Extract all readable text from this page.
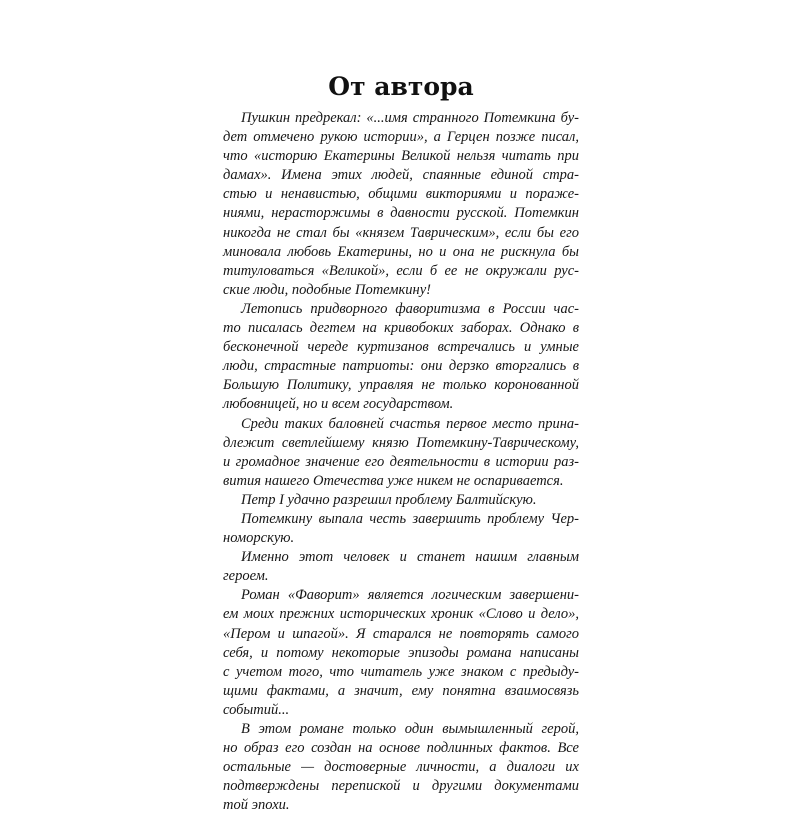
От автора

Пушкин предрекал: «...имя странного Потемкина бу-
дет отмечено рукою истории», а Герцен позже писал,
что «историю Екатерины Великой нельзя читать при
дамах». Имена этих людей, спаянные единой стра-
стью и ненавистью, общими викториями и пораже-
ниями, нерасторжимы в давности русской. Потемкин
никогда не стал бы «князем Таврическим», если бы его
миновала любовь Екатерины, но и она не рискнула бы
титуловаться «Великой», если б ее не окружали рус-
ские люди, подобные Потемкину!

Летопись придворного фаворитизма в России час-
то писалась дегтем на кривобоких заборах. Однако в
бесконечной череде куртизанов встречались и умные
люди, страстные патриоты: они дерзко вторгались в
Большую Политику, управляя не только коронованной
любовницей, но и всем государством.

Среди таких баловней счастья первое место прина-
длежит светлейшему князю Потемкину-Таврическому,
и громадное значение его деятельности в истории раз-
вития нашего Отечества уже никем не оспаривается.

Петр I удачно разрешил проблему Балтийскую.

Потемкину выпала честь завершить проблему Чер-
номорскую.

Именно этот человек и станет нашим главным
героем.

Роман «Фаворит» является логическим завершени-
ем моих прежних исторических хроник «Слово и дело»,
«Пером и шпагой». Я старался не повторять самого
себя, и потому некоторые эпизоды романа написаны
с учетом того, что читатель уже знаком с предыду-
щими фактами, а значит, ему понятна взаимосвязь
событий...

В этом романе только один вымышленный герой,
но образ его создан на основе подлинных фактов. Все
остальные — достоверные личности, а диалоги их
подтверждены перепиской и другими документами
той эпохи.
